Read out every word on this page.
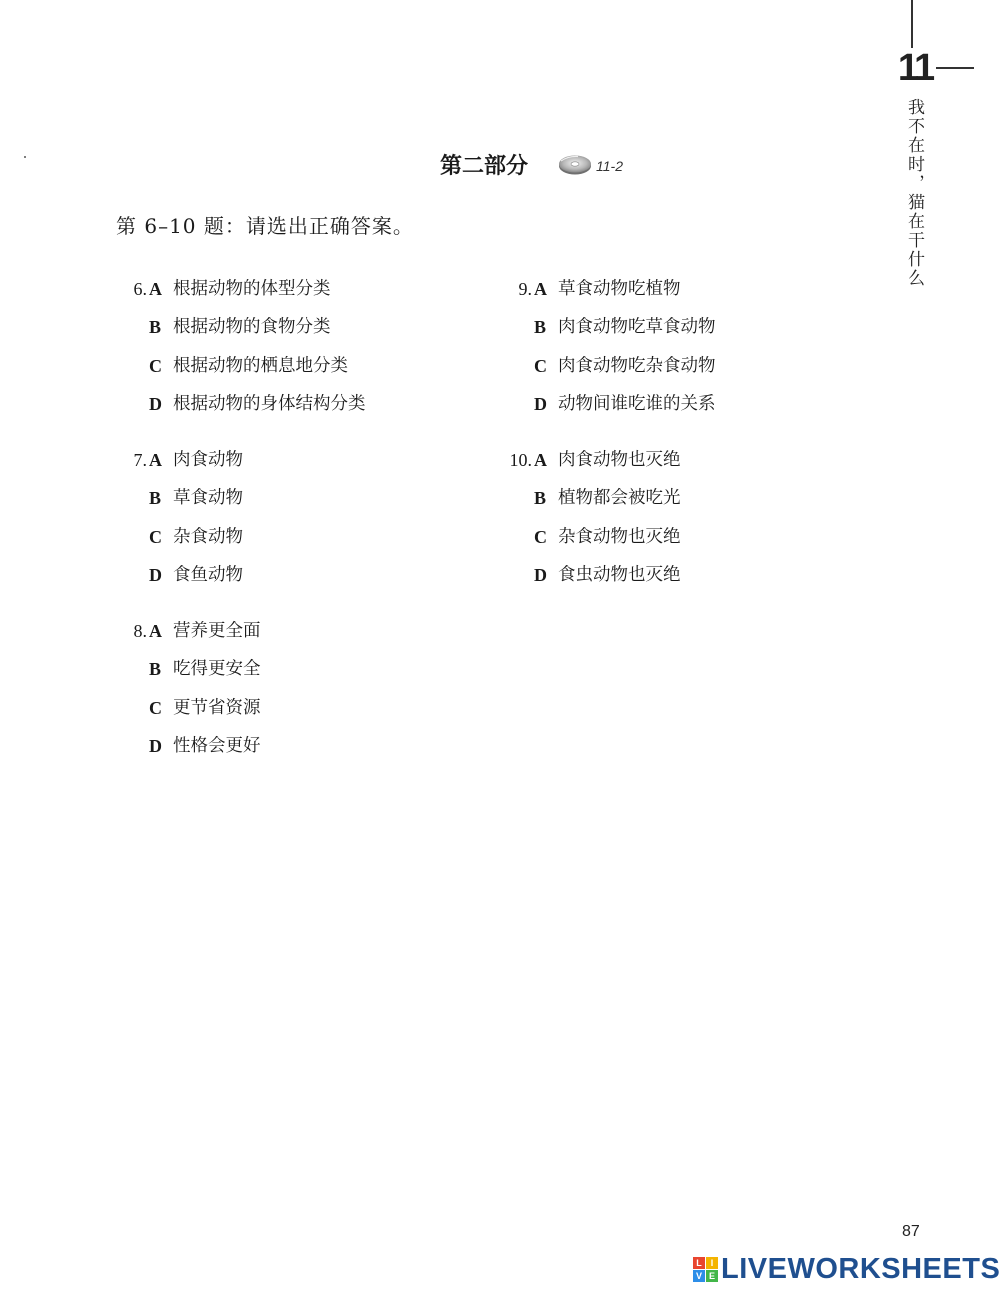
11
我不在时，猫在干什么
第二部分	11-2
第 6–10 题：请选出正确答案。
6. A 根据动物的体型分类
B 根据动物的食物分类
C 根据动物的栖息地分类
D 根据动物的身体结构分类
7. A 肉食动物
B 草食动物
C 杂食动物
D 食鱼动物
8. A 营养更全面
B 吃得更安全
C 更节省资源
D 性格会更好
9. A 草食动物吃植物
B 肉食动物吃草食动物
C 肉食动物吃杂食动物
D 动物间谁吃谁的关系
10. A 肉食动物也灭绝
B 植物都会被吃光
C 杂食动物也灭绝
D 食虫动物也灭绝
87
L I
V E LIVEWORKSHEETS
